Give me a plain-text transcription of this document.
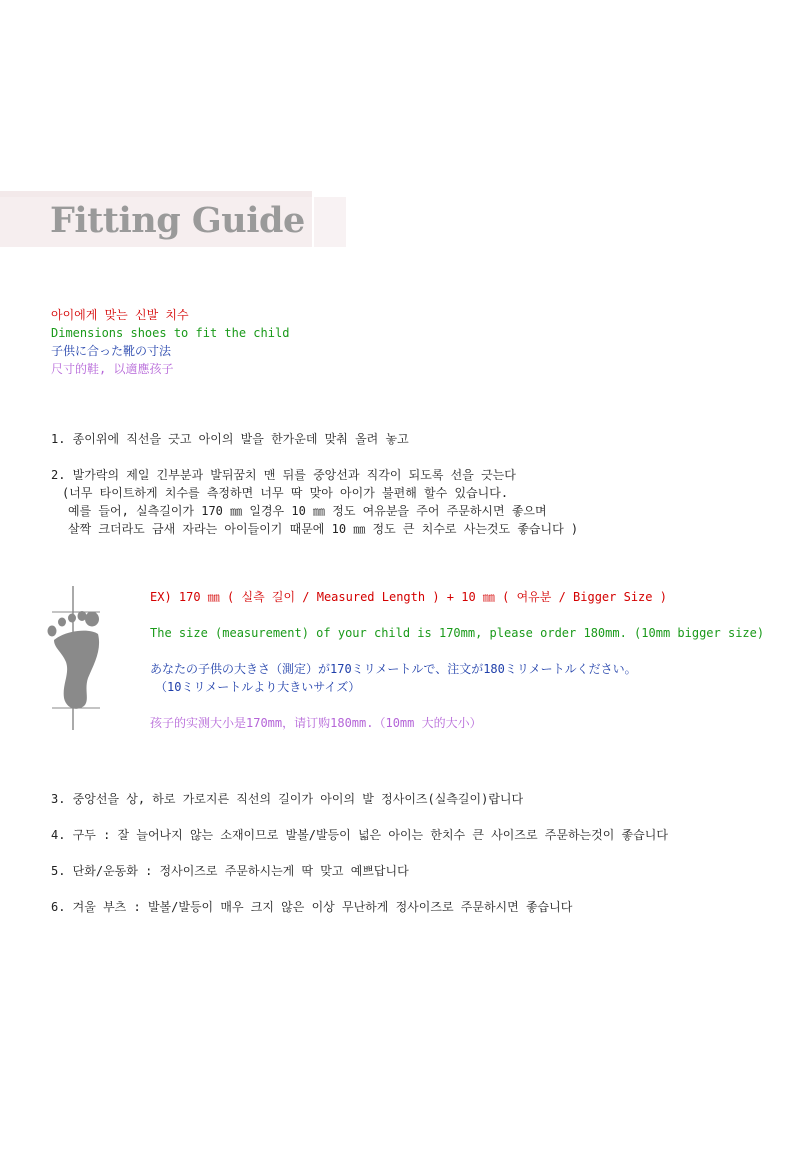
Fitting Guide
아이에게 맞는 신발 치수
Dimensions shoes to fit the child
子供に合った靴の寸法
尺寸的鞋, 以適應孩子
1. 종이위에 직선을 긋고 아이의 발을 한가운데 맞춰 올려 놓고
2. 발가락의 제일 긴부분과 발뒤꿈치 맨 뒤를 중앙선과 직각이 되도록 선을 긋는다
(너무 타이트하게 치수를 측정하면 너무 딱 맞아 아이가 불편해 할수 있습니다.
예를 들어, 실측길이가 170 ㎜ 일경우 10 ㎜ 정도 여유분을 주어 주문하시면 좋으며
살짝 크더라도 금새 자라는 아이들이기 때문에 10 ㎜ 정도 큰 치수로 사는것도 좋습니다 )
EX) 170 ㎜ ( 실측 길이 / Measured Length ) + 10 ㎜ ( 여유분 / Bigger Size )
The size (measurement) of your child is 170mm, please order 180mm. (10mm bigger size)
あなたの子供の大きさ（測定）が170ミリメートルで、注文が180ミリメートルください。
（10ミリメートルより大きいサイズ）
孩子的实测大小是170mm，请订购180mm.（10mm 大的大小）
3. 중앙선을 상, 하로 가로지른 직선의 길이가 아이의 발 정사이즈(실측길이)랍니다
4. 구두 : 잘 늘어나지 않는 소재이므로 발볼/발등이 넓은 아이는 한치수 큰 사이즈로 주문하는것이 좋습니다
5. 단화/운동화 : 정사이즈로 주문하시는게 딱 맞고 예쁘답니다
6. 겨울 부츠 : 발볼/발등이 매우 크지 않은 이상 무난하게 정사이즈로 주문하시면 좋습니다
